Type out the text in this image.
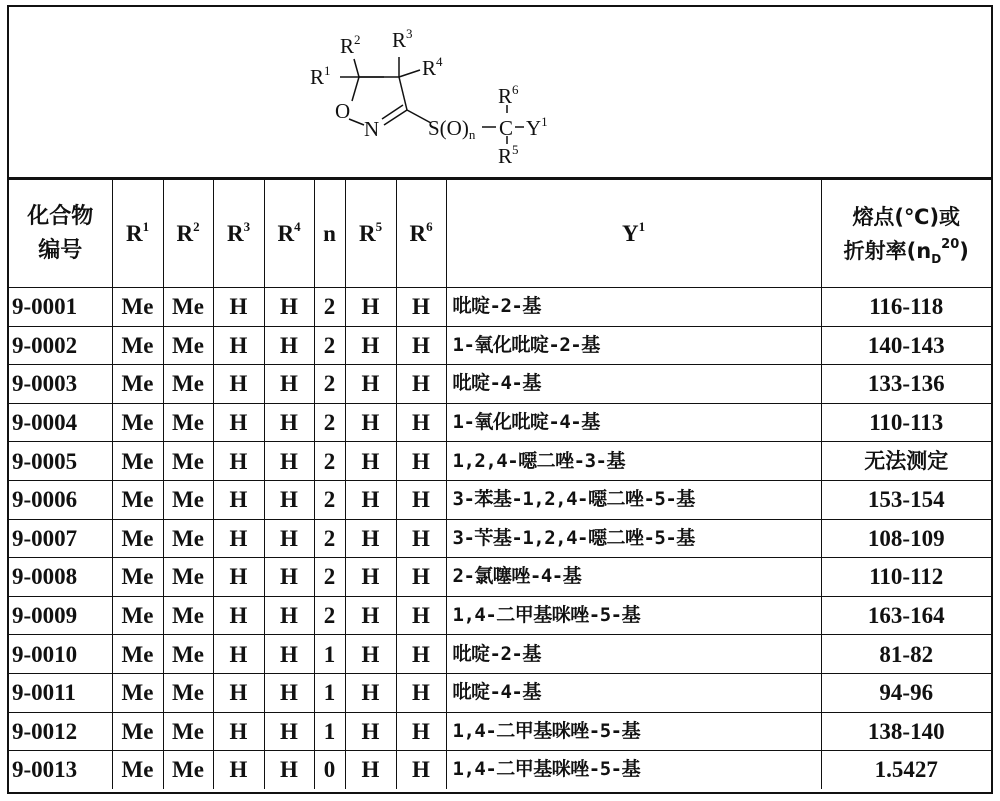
$R^1$
$R^2$ $R^3$
$R^4$
O
N S(O)n C
$R^6$
$R^5$
$Y^1$
化合物
编号
	$R^1$	$R^2$	$R^3$	$R^4$	n	$R^5$	$R^6$	$Y^1$	熔点(℃)或
折射率$(n_D^{20})$

9-0001	Me	Me	H	H	2	H	H	吡啶-2-基	116-118
9-0002	Me	Me	H	H	2	H	H	1-氧化吡啶-2-基	140-143
9-0003	Me	Me	H	H	2	H	H	吡啶-4-基	133-136
9-0004	Me	Me	H	H	2	H	H	1-氧化吡啶-4-基	110-113
9-0005	Me	Me	H	H	2	H	H	1,2,4-噁二唑-3-基	无法测定
9-0006	Me	Me	H	H	2	H	H	3-苯基-1,2,4-噁二唑-5-基	153-154
9-0007	Me	Me	H	H	2	H	H	3-苄基-1,2,4-噁二唑-5-基	108-109
9-0008	Me	Me	H	H	2	H	H	2-氯噻唑-4-基	110-112
9-0009	Me	Me	H	H	2	H	H	1,4-二甲基咪唑-5-基	163-164
9-0010	Me	Me	H	H	1	H	H	吡啶-2-基	81-82
9-0011	Me	Me	H	H	1	H	H	吡啶-4-基	94-96
9-0012	Me	Me	H	H	1	H	H	1,4-二甲基咪唑-5-基	138-140
9-0013	Me	Me	H	H	0	H	H	1,4-二甲基咪唑-5-基	1.5427
